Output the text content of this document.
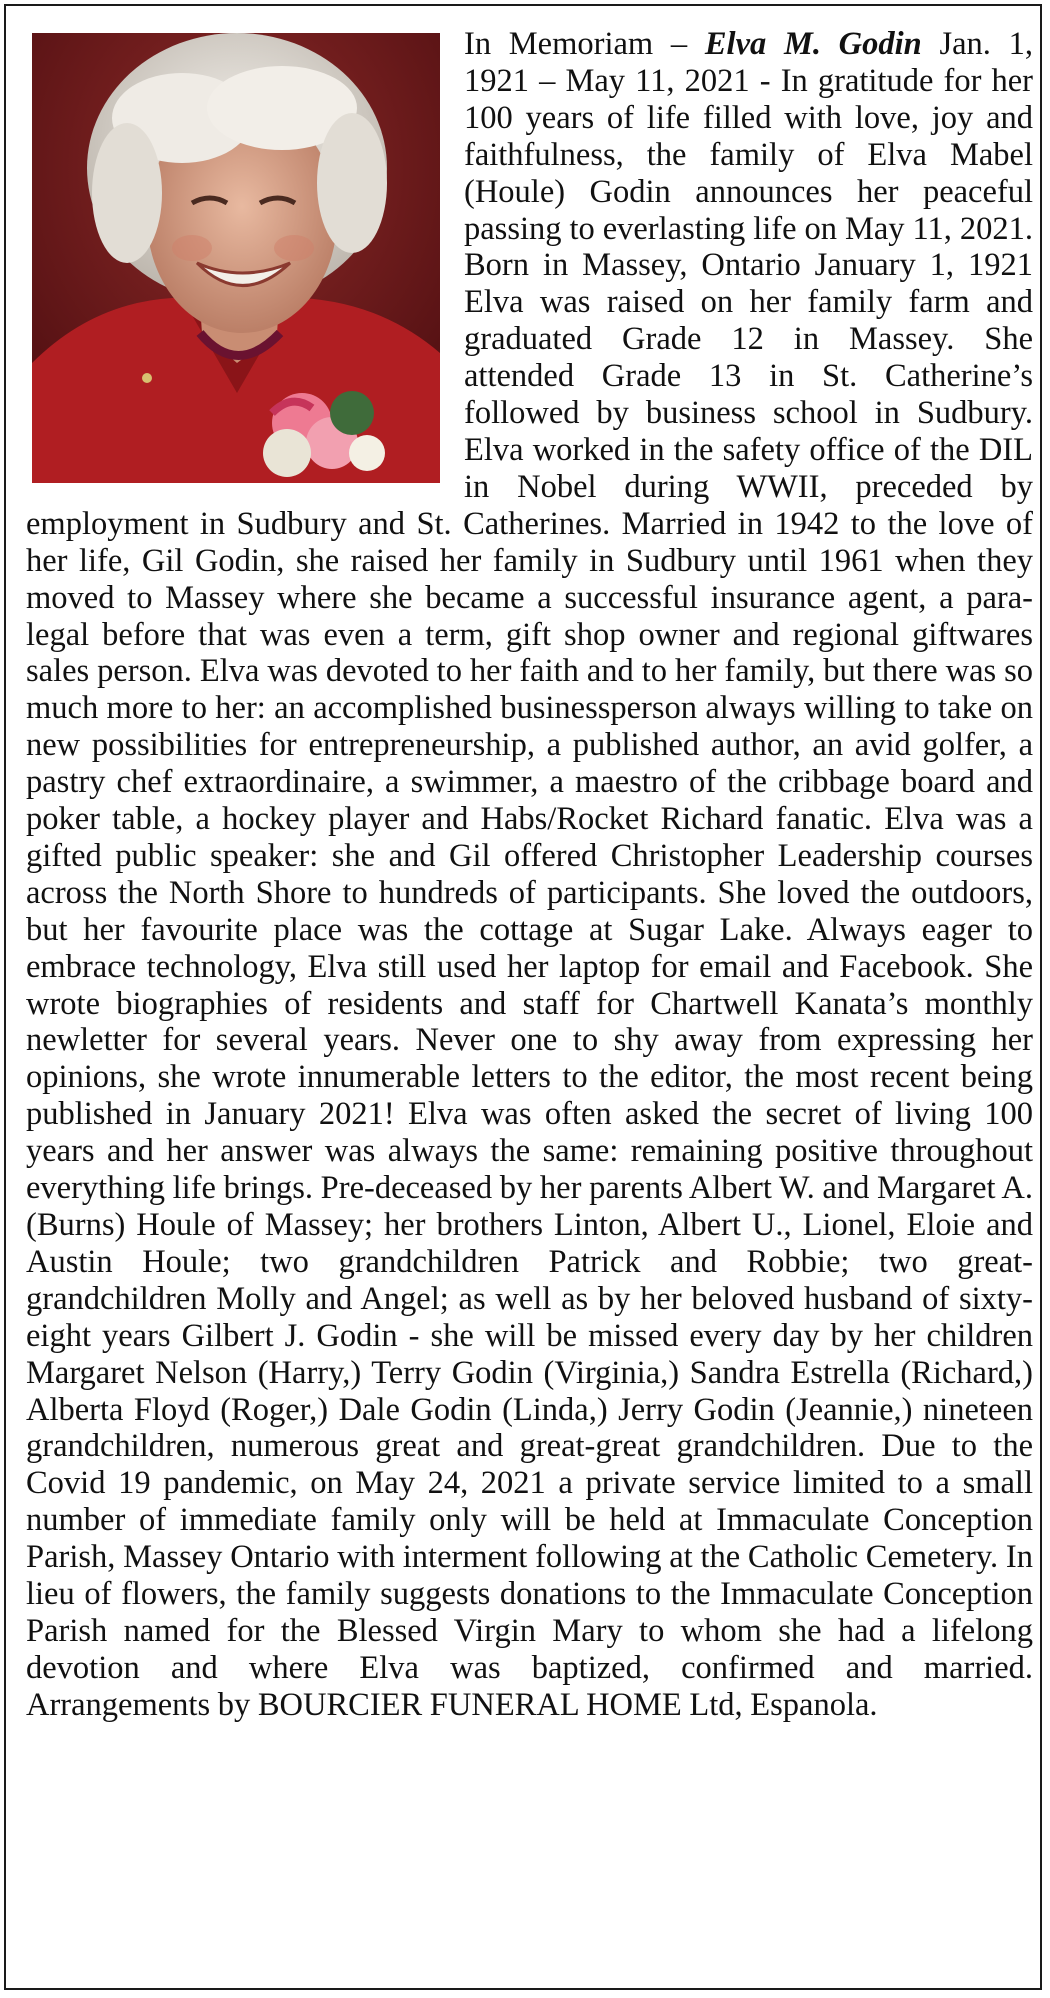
In Memoriam – Elva M. Godin Jan. 1, 1921 – May 11, 2021 - In gratitude for her 100 years of life filled with love, joy and faithfulness, the family of Elva Mabel (Houle) Godin announces her peaceful passing to everlasting life on May 11, 2021. Born in Massey, Ontario January 1, 1921 Elva was raised on her family farm and graduated Grade 12 in Massey. She attended Grade 13 in St. Catherine’s followed by business school in Sudbury. Elva worked in the safety office of the DIL in Nobel during WWII, preceded by employment in Sudbury and St. Catherines. Married in 1942 to the love of her life, Gil Godin, she raised her family in Sudbury until 1961 when they moved to Massey where she became a successful insurance agent, a para-legal before that was even a term, gift shop owner and regional giftwares sales person. Elva was devoted to her faith and to her family, but there was so much more to her: an accomplished businessperson always willing to take on new possibilities for entrepreneurship, a published author, an avid golfer, a pastry chef extraordinaire, a swimmer, a maestro of the cribbage board and poker table, a hockey player and Habs/Rocket Richard fanatic. Elva was a gifted public speaker: she and Gil offered Christopher Leadership courses across the North Shore to hundreds of participants. She loved the outdoors, but her favourite place was the cottage at Sugar Lake. Always eager to embrace technology, Elva still used her laptop for email and Facebook. She wrote biographies of residents and staff for Chartwell Kanata’s monthly newletter for several years. Never one to shy away from expressing her opinions, she wrote innumerable letters to the editor, the most recent being published in January 2021! Elva was often asked the secret of living 100 years and her answer was always the same: remaining positive throughout everything life brings. Pre-deceased by her parents Albert W. and Margaret A. (Burns) Houle of Massey; her brothers Linton, Albert U., Lionel, Eloie and Austin Houle; two grandchildren Patrick and Robbie; two great-grandchildren Molly and Angel; as well as by her beloved husband of sixty-eight years Gilbert J. Godin - she will be missed every day by her children Margaret Nelson (Harry,) Terry Godin (Virginia,) Sandra Estrella (Richard,) Alberta Floyd (Roger,) Dale Godin (Linda,) Jerry Godin (Jeannie,) nineteen grandchildren, numerous great and great-great grandchildren. Due to the Covid 19 pandemic, on May 24, 2021 a private service limited to a small number of immediate family only will be held at Immaculate Conception Parish, Massey Ontario with interment following at the Catholic Cemetery. In lieu of flowers, the family suggests donations to the Immaculate Conception Parish named for the Blessed Virgin Mary to whom she had a lifelong devotion and where Elva was baptized, confirmed and married. Arrangements by BOURCIER FUNERAL HOME Ltd, Espanola.
